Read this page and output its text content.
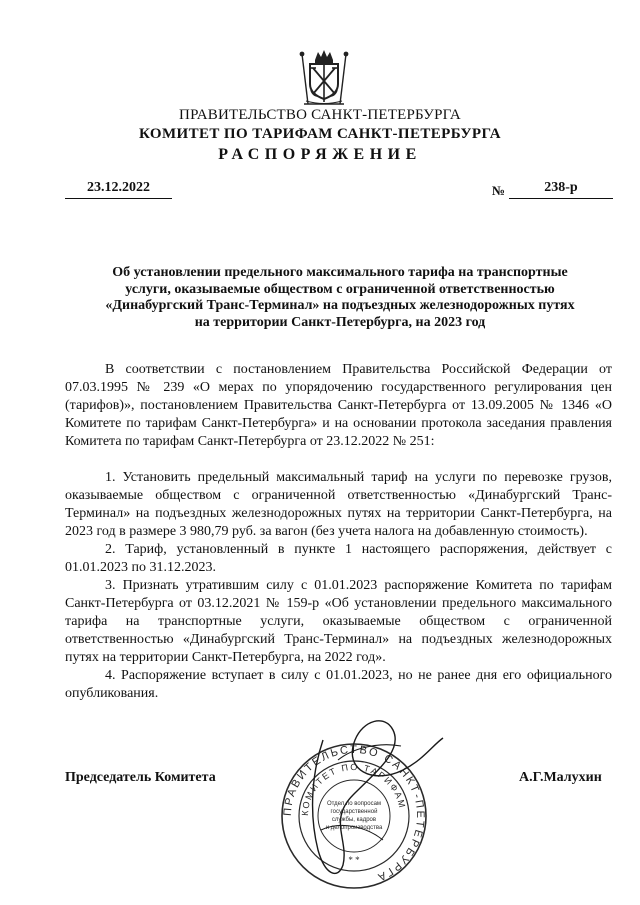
ПРАВИТЕЛЬСТВО САНКТ-ПЕТЕРБУРГА
КОМИТЕТ ПО ТАРИФАМ САНКТ-ПЕТЕРБУРГА
РАСПОРЯЖЕНИЕ
23.12.2022	№	238-р
Об установлении предельного максимального тарифа на транспортные
услуги, оказываемые обществом с ограниченной ответственностью
«Динабургский Транс-Терминал» на подъездных железнодорожных путях
на территории Санкт-Петербурга, на 2023 год

В соответствии с постановлением Правительства Российской Федерации от 07.03.1995 № 239 «О мерах по упорядочению государственного регулирования цен (тарифов)», постановлением Правительства Санкт-Петербурга от 13.09.2005 № 1346 «О Комитете по тарифам Санкт-Петербурга» и на основании протокола заседания правления Комитета по тарифам Санкт-Петербурга от 23.12.2022 № 251:

1. Установить предельный максимальный тариф на услуги по перевозке грузов, оказываемые обществом с ограниченной ответственностью «Динабургский Транс-Терминал» на подъездных железнодорожных путях на территории Санкт-Петербурга, на 2023 год в размере 3 980,79 руб. за вагон (без учета налога на добавленную стоимость).

2. Тариф, установленный в пункте 1 настоящего распоряжения, действует с 01.01.2023 по 31.12.2023.

3. Признать утратившим силу с 01.01.2023 распоряжение Комитета по тарифам Санкт-Петербурга от 03.12.2021 № 159-р «Об установлении предельного максимального тарифа на транспортные услуги, оказываемые обществом с ограниченной ответственностью «Динабургский Транс-Терминал» на подъездных железнодорожных путях на территории Санкт-Петербурга, на 2022 год».

4. Распоряжение вступает в силу с 01.01.2023, но не ранее дня его официального опубликования.

ПРАВИТЕЛЬСТВО САНКТ-ПЕТЕРБУРГА
КОМИТЕТ ПО ТАРИФАМ
Отдел по вопросам
государственной
службы, кадров
и делопроизводства
* *
Председатель Комитета	А.Г.Малухин
